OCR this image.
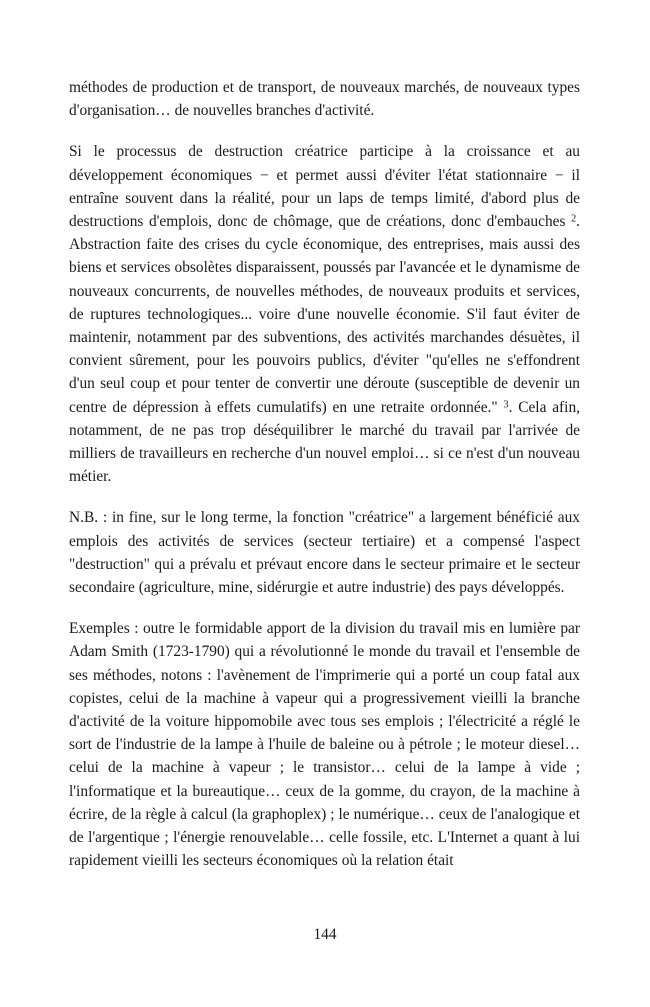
méthodes de production et de transport, de nouveaux marchés, de nouveaux types d'organisation… de nouvelles branches d'activité.

Si le processus de destruction créatrice participe à la croissance et au développement économiques − et permet aussi d'éviter l'état stationnaire − il entraîne souvent dans la réalité, pour un laps de temps limité, d'abord plus de destructions d'emplois, donc de chômage, que de créations, donc d'embauches $^2$. Abstraction faite des crises du cycle économique, des entreprises, mais aussi des biens et services obsolètes disparaissent, poussés par l'avancée et le dynamisme de nouveaux concurrents, de nouvelles méthodes, de nouveaux produits et services, de ruptures technologiques... voire d'une nouvelle économie. S'il faut éviter de maintenir, notamment par des subventions, des activités marchandes désuètes, il convient sûrement, pour les pouvoirs publics, d'éviter "qu'elles ne s'effondrent d'un seul coup et pour tenter de convertir une déroute (susceptible de devenir un centre de dépression à effets cumulatifs) en une retraite ordonnée." $^3$. Cela afin, notamment, de ne pas trop déséquilibrer le marché du travail par l'arrivée de milliers de travailleurs en recherche d'un nouvel emploi… si ce n'est d'un nouveau métier.

N.B. : in fine, sur le long terme, la fonction "créatrice" a largement bénéficié aux emplois des activités de services (secteur tertiaire) et a compensé l'aspect "destruction" qui a prévalu et prévaut encore dans le secteur primaire et le secteur secondaire (agriculture, mine, sidérurgie et autre industrie) des pays développés.

Exemples : outre le formidable apport de la division du travail mis en lumière par Adam Smith (1723-1790) qui a révolutionné le monde du travail et l'ensemble de ses méthodes, notons : l'avènement de l'imprimerie qui a porté un coup fatal aux copistes, celui de la machine à vapeur qui a progressivement vieilli la branche d'activité de la voiture hippomobile avec tous ses emplois ; l'électricité a réglé le sort de l'industrie de la lampe à l'huile de baleine ou à pétrole ; le moteur diesel… celui de la machine à vapeur ; le transistor… celui de la lampe à vide ; l'informatique et la bureautique… ceux de la gomme, du crayon, de la machine à écrire, de la règle à calcul (la graphoplex) ; le numérique… ceux de l'analogique et de l'argentique ; l'énergie renouvelable… celle fossile, etc. L'Internet a quant à lui rapidement vieilli les secteurs économiques où la relation était

144
